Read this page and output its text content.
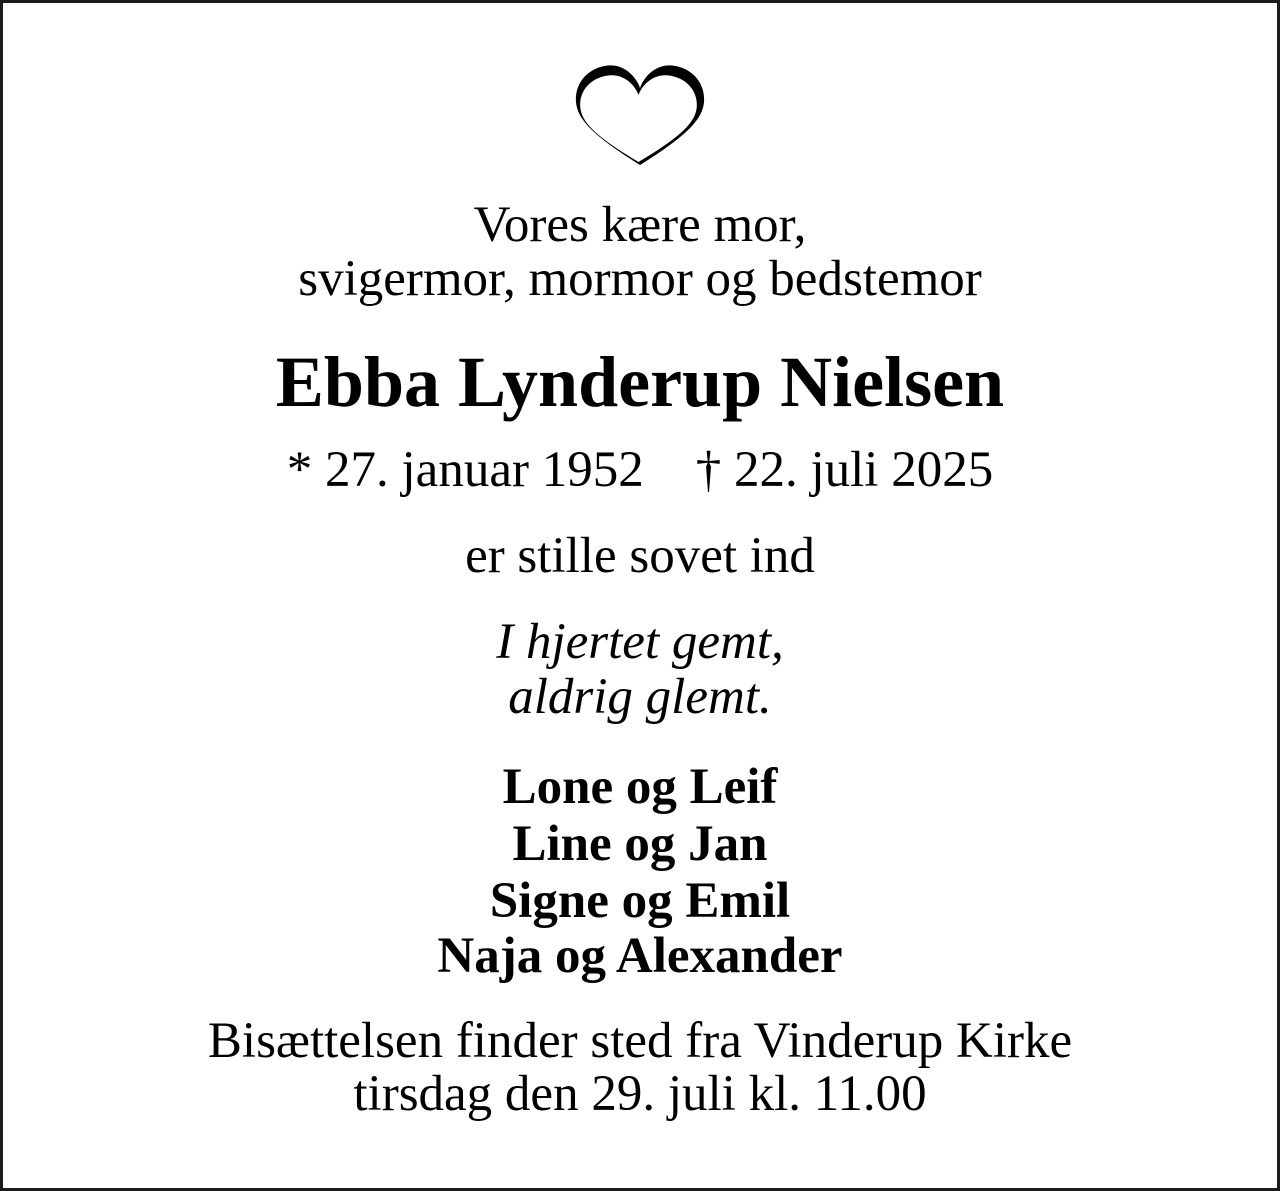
Vores kære mor,
svigermor, mormor og bedstemor
Ebba Lynderup Nielsen
* 27. januar 1952 † 22. juli 2025
er stille sovet ind
I hjertet gemt,
aldrig glemt.
Lone og Leif
Line og Jan
Signe og Emil
Naja og Alexander
Bisættelsen finder sted fra Vinderup Kirke
tirsdag den 29. juli kl. 11.00
